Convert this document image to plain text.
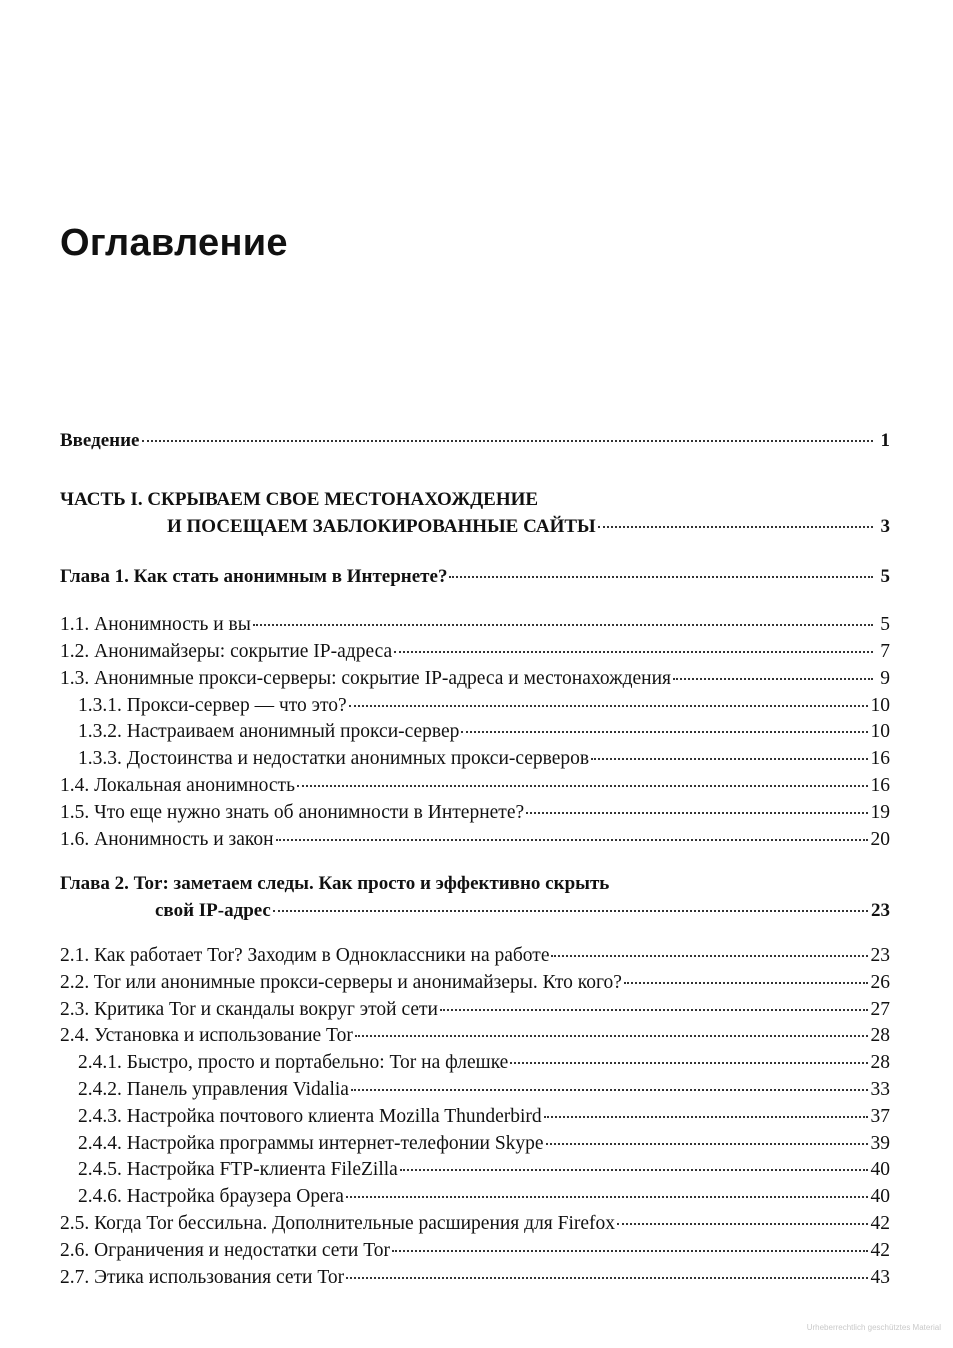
Оглавление
Введение	1
ЧАСТЬ I. СКРЫВАЕМ СВОЕ МЕСТОНАХОЖДЕНИЕ
И ПОСЕЩАЕМ ЗАБЛОКИРОВАННЫЕ САЙТЫ	3
Глава 1. Как стать анонимным в Интернете?	5
1.1. Анонимность и вы	5
1.2. Анонимайзеры: сокрытие IP-адреса	7
1.3. Анонимные прокси-серверы: сокрытие IP-адреса и местонахождения	9
1.3.1. Прокси-сервер — что это?	10
1.3.2. Настраиваем анонимный прокси-сервер	10
1.3.3. Достоинства и недостатки анонимных прокси-серверов	16
1.4. Локальная анонимность	16
1.5. Что еще нужно знать об анонимности в Интернете?	19
1.6. Анонимность и закон	20
Глава 2. Tor: заметаем следы. Как просто и эффективно скрыть
свой IP-адрес	23
2.1. Как работает Tor? Заходим в Одноклассники на работе	23
2.2. Tor или анонимные прокси-серверы и анонимайзеры. Кто кого?	26
2.3. Критика Tor и скандалы вокруг этой сети	27
2.4. Установка и использование Tor	28
2.4.1. Быстро, просто и портабельно: Tor на флешке	28
2.4.2. Панель управления Vidalia	33
2.4.3. Настройка почтового клиента Mozilla Thunderbird	37
2.4.4. Настройка программы интернет-телефонии Skype	39
2.4.5. Настройка FTP-клиента FileZilla	40
2.4.6. Настройка браузера Opera	40
2.5. Когда Tor бессильна. Дополнительные расширения для Firefox	42
2.6. Ограничения и недостатки сети Tor	42
2.7. Этика использования сети Tor	43
Urheberrechtlich geschütztes Material
